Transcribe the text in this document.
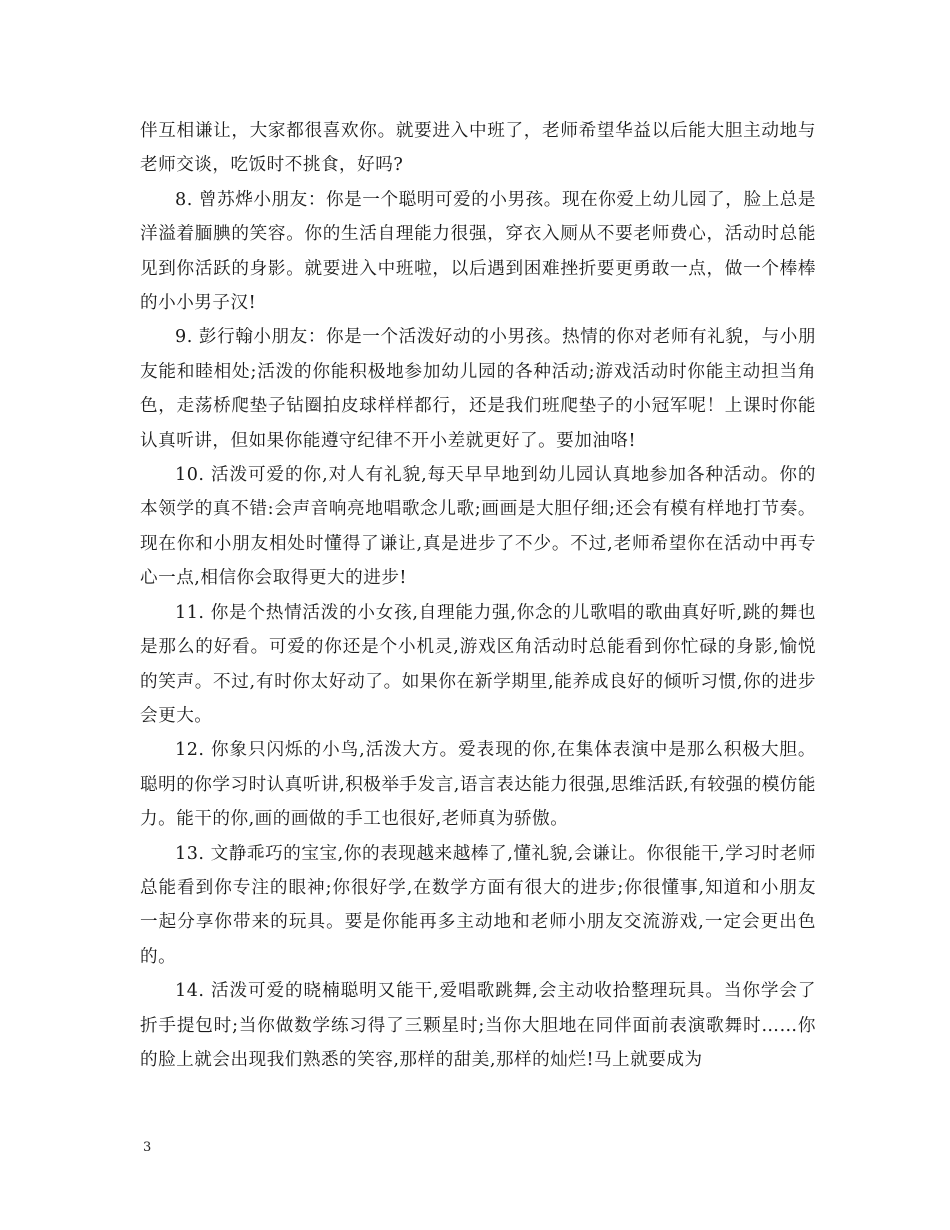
伴互相谦让，大家都很喜欢你。就要进入中班了，老师希望华益以后能大胆主动地与老师交谈，吃饭时不挑食，好吗?

8. 曾苏烨小朋友：你是一个聪明可爱的小男孩。现在你爱上幼儿园了，脸上总是洋溢着腼腆的笑容。你的生活自理能力很强，穿衣入厕从不要老师费心，活动时总能见到你活跃的身影。就要进入中班啦，以后遇到困难挫折要更勇敢一点，做一个棒棒的小小男子汉!

9. 彭行翰小朋友：你是一个活泼好动的小男孩。热情的你对老师有礼貌，与小朋友能和睦相处;活泼的你能积极地参加幼儿园的各种活动;游戏活动时你能主动担当角色，走荡桥爬垫子钻圈拍皮球样样都行，还是我们班爬垫子的小冠军呢！上课时你能认真听讲，但如果你能遵守纪律不开小差就更好了。要加油咯!

10. 活泼可爱的你,对人有礼貌,每天早早地到幼儿园认真地参加各种活动。你的本领学的真不错:会声音响亮地唱歌念儿歌;画画是大胆仔细;还会有模有样地打节奏。现在你和小朋友相处时懂得了谦让,真是进步了不少。不过,老师希望你在活动中再专心一点,相信你会取得更大的进步!

11. 你是个热情活泼的小女孩,自理能力强,你念的儿歌唱的歌曲真好听,跳的舞也是那么的好看。可爱的你还是个小机灵,游戏区角活动时总能看到你忙碌的身影,愉悦的笑声。不过,有时你太好动了。如果你在新学期里,能养成良好的倾听习惯,你的进步会更大。

12. 你象只闪烁的小鸟,活泼大方。爱表现的你,在集体表演中是那么积极大胆。聪明的你学习时认真听讲,积极举手发言,语言表达能力很强,思维活跃,有较强的模仿能力。能干的你,画的画做的手工也很好,老师真为骄傲。

13. 文静乖巧的宝宝,你的表现越来越棒了,懂礼貌,会谦让。你很能干,学习时老师总能看到你专注的眼神;你很好学,在数学方面有很大的进步;你很懂事,知道和小朋友一起分享你带来的玩具。要是你能再多主动地和老师小朋友交流游戏,一定会更出色的。

14. 活泼可爱的晓楠聪明又能干,爱唱歌跳舞,会主动收拾整理玩具。当你学会了折手提包时;当你做数学练习得了三颗星时;当你大胆地在同伴面前表演歌舞时……你的脸上就会出现我们熟悉的笑容,那样的甜美,那样的灿烂!马上就要成为

3
